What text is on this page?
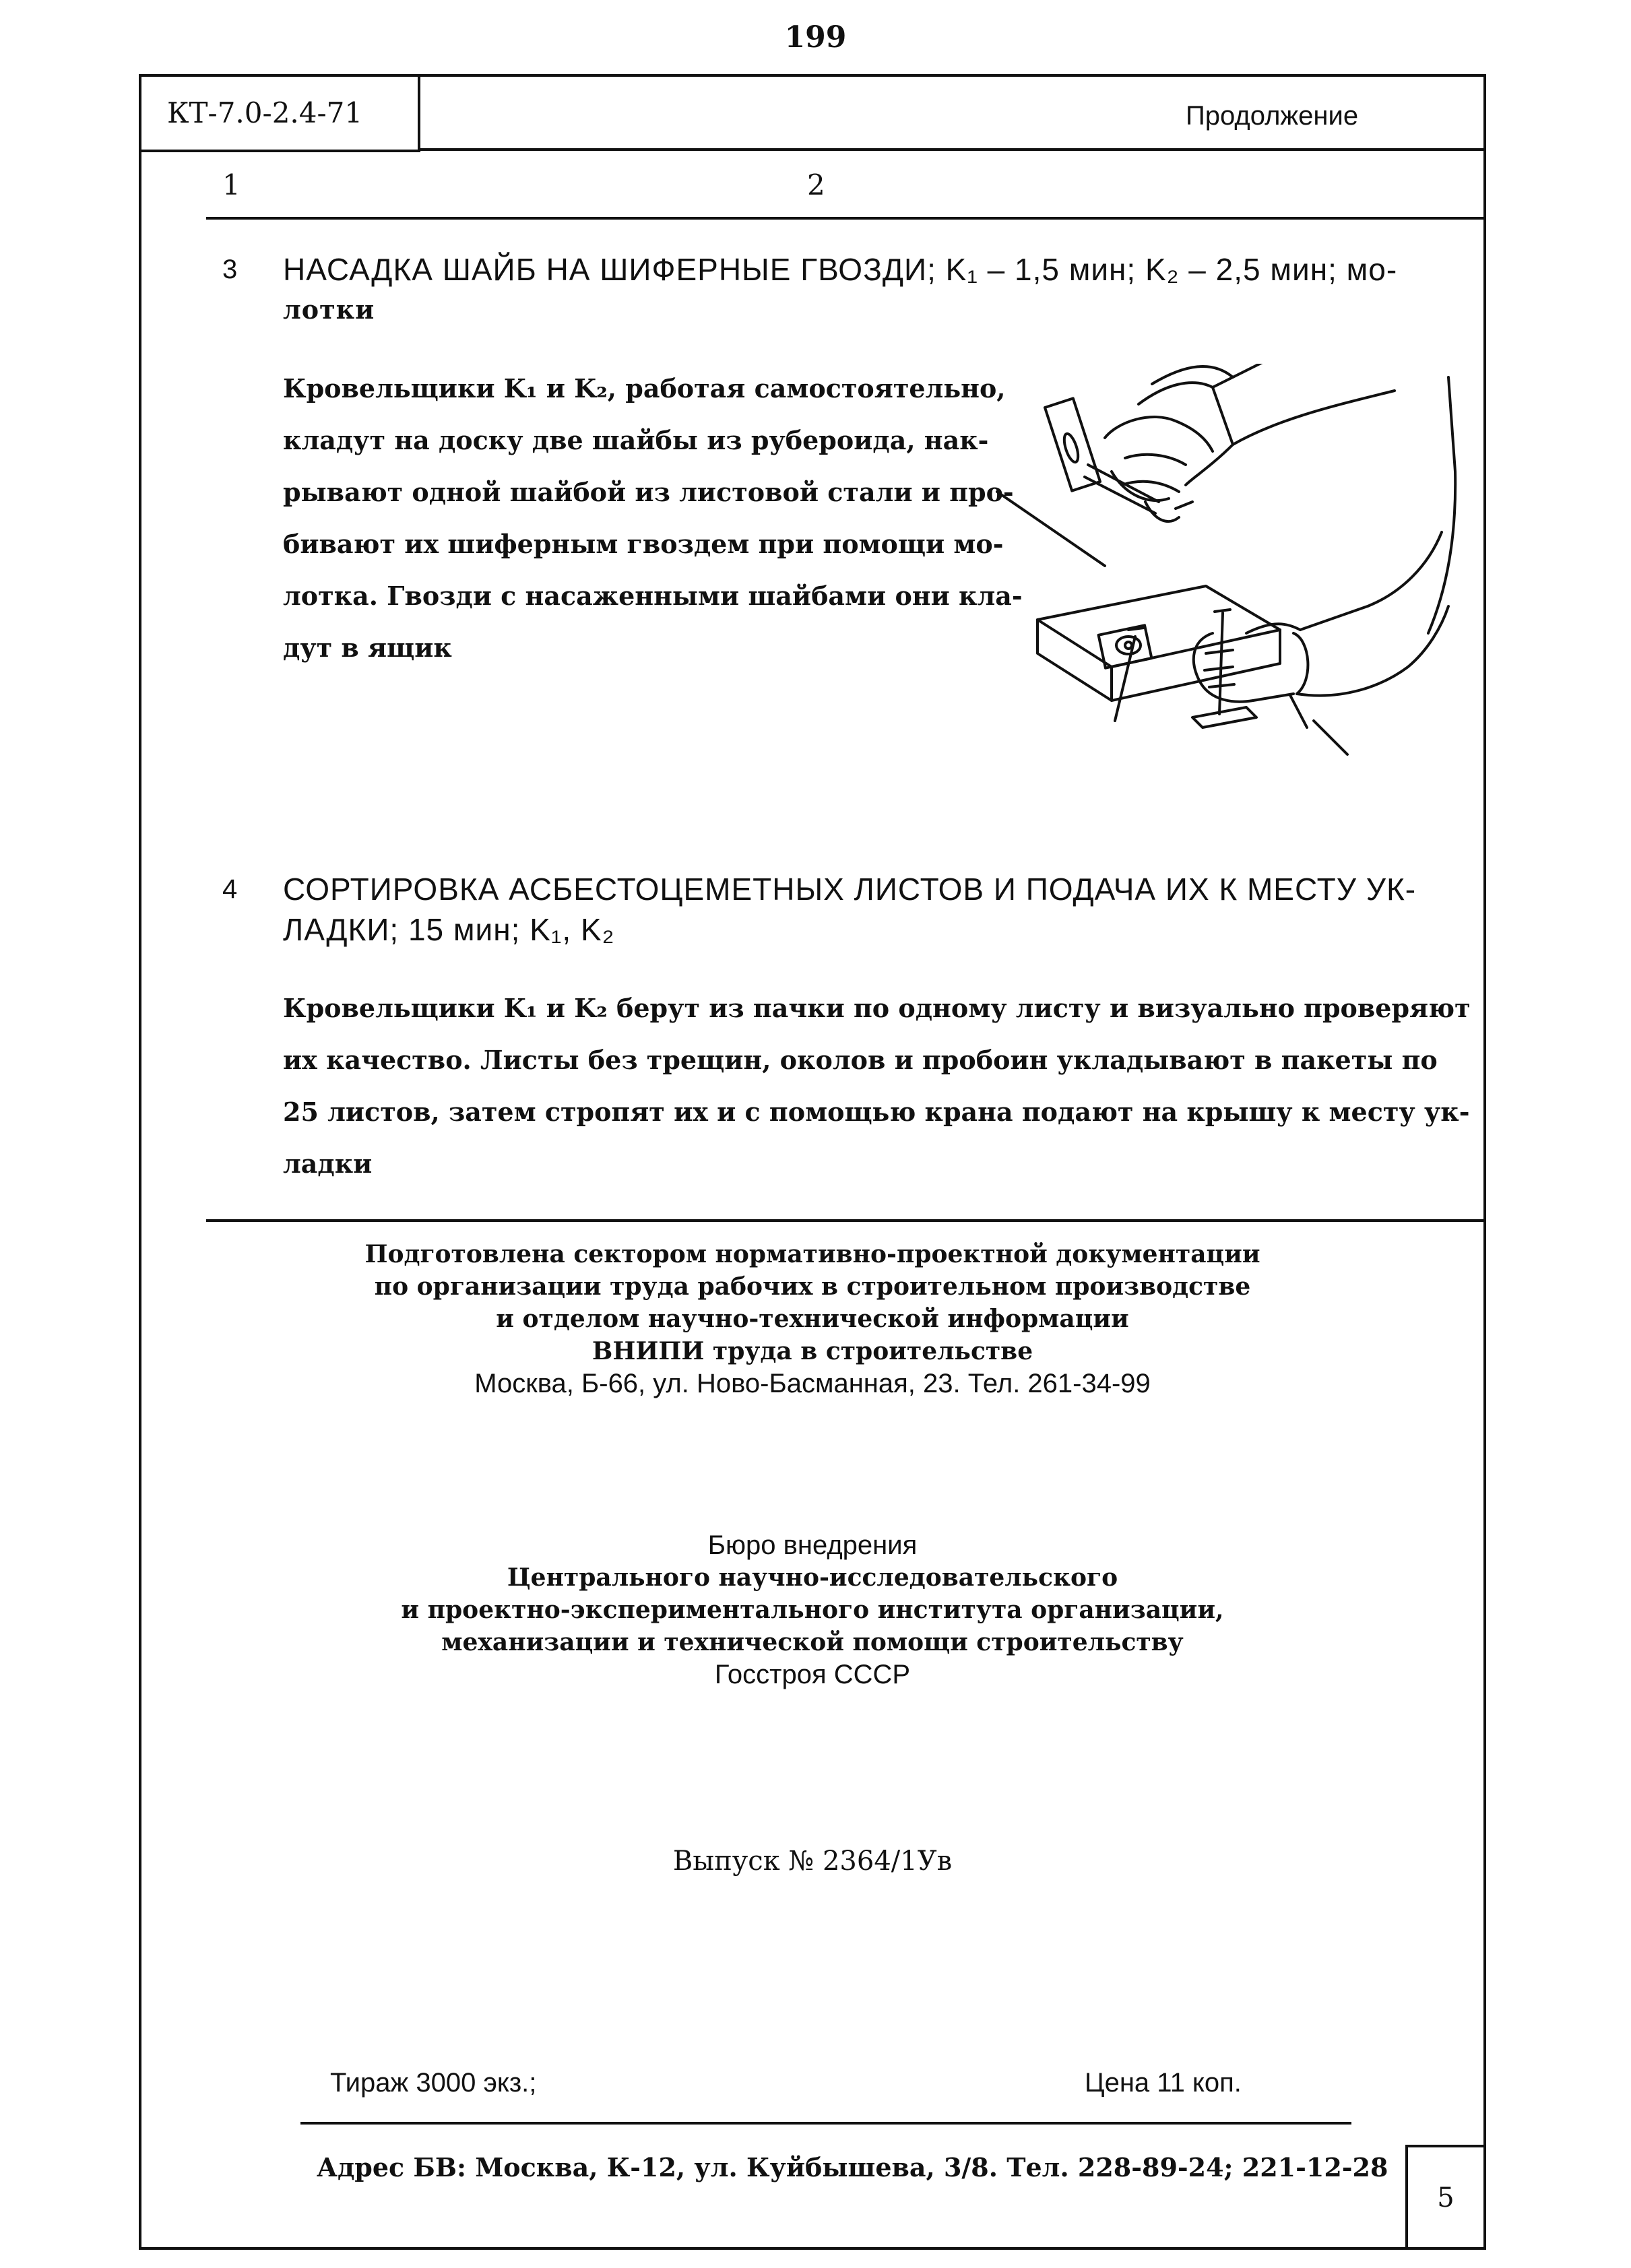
199
КТ-7.0-2.4-71	Продолжение
1	2
3 НАСАДКА ШАЙБ НА ШИФЕРНЫЕ ГВОЗДИ; K₁ – 1,5 мин; K₂ – 2,5 мин; мо-
лотки
Кровельщики K₁ и K₂, работая самостоятельно,
кладут на доску две шайбы из рубероида, нак-
рывают одной шайбой из листовой стали и про-
бивают их шиферным гвоздем при помощи мо-
лотка. Гвозди с насаженными шайбами они кла-
дут в ящик
4 СОРТИРОВКА АСБЕСТОЦЕМЕТНЫХ ЛИСТОВ И ПОДАЧА ИХ К МЕСТУ УК-
ЛАДКИ; 15 мин; K₁, K₂
Кровельщики K₁ и K₂ берут из пачки по одному листу и визуально проверяют
их качество. Листы без трещин, околов и пробоин укладывают в пакеты по
25 листов, затем стропят их и с помощью крана подают на крышу к месту ук-
ладки
Подготовлена сектором нормативно-проектной документации
по организации труда рабочих в строительном производстве
и отделом научно-технической информации
ВНИПИ труда в строительстве
Москва, Б-66, ул. Ново-Басманная, 23. Тел. 261-34-99
Бюро внедрения
Центрального научно-исследовательского
и проектно-экспериментального института организации,
механизации и технической помощи строительству
Госстроя СССР
Выпуск № 2364/1Ув
Тираж 3000 экз.;	Цена 11 коп.
Адрес БВ: Москва, К-12, ул. Куйбышева, 3/8. Тел. 228-89-24; 221-12-28
5
